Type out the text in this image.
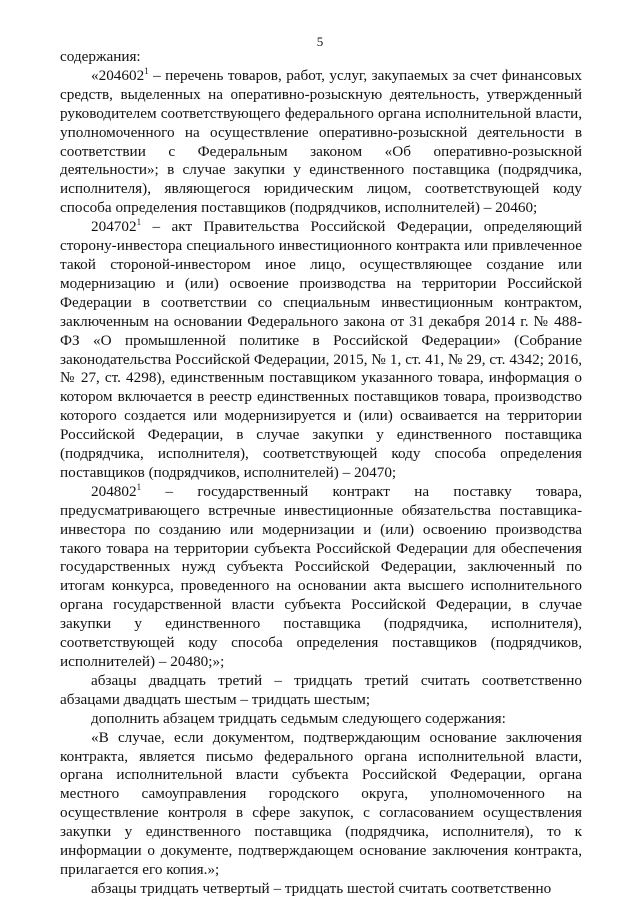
5

содержания:

«204602$^1$ – перечень товаров, работ, услуг, закупаемых за счет финансовых средств, выделенных на оперативно-розыскную деятельность, утвержденный руководителем соответствующего федерального органа исполнительной власти, уполномоченного на осуществление оперативно-розыскной деятельности в соответствии с Федеральным законом «Об оперативно-розыскной деятельности»; в случае закупки у единственного поставщика (подрядчика, исполнителя), являющегося юридическим лицом, соответствующей коду способа определения поставщиков (подрядчиков, исполнителей) – 20460;

204702$^1$ – акт Правительства Российской Федерации, определяющий сторону-инвестора специального инвестиционного контракта или привлеченное такой стороной-инвестором иное лицо, осуществляющее создание или модернизацию и (или) освоение производства на территории Российской Федерации в соответствии со специальным инвестиционным контрактом, заключенным на основании Федерального закона от 31 декабря 2014 г. № 488-ФЗ «О промышленной политике в Российской Федерации» (Собрание законодательства Российской Федерации, 2015, № 1, ст. 41, № 29, ст. 4342; 2016, № 27, ст. 4298), единственным поставщиком указанного товара, информация о котором включается в реестр единственных поставщиков товара, производство которого создается или модернизируется и (или) осваивается на территории Российской Федерации, в случае закупки у единственного поставщика (подрядчика, исполнителя), соответствующей коду способа определения поставщиков (подрядчиков, исполнителей) – 20470;

204802$^1$ – государственный контракт на поставку товара, предусматривающего встречные инвестиционные обязательства поставщика-инвестора по созданию или модернизации и (или) освоению производства такого товара на территории субъекта Российской Федерации для обеспечения государственных нужд субъекта Российской Федерации, заключенный по итогам конкурса, проведенного на основании акта высшего исполнительного органа государственной власти субъекта Российской Федерации, в случае закупки у единственного поставщика (подрядчика, исполнителя), соответствующей коду способа определения поставщиков (подрядчиков, исполнителей) – 20480;»;

абзацы двадцать третий – тридцать третий считать соответственно абзацами двадцать шестым – тридцать шестым;

дополнить абзацем тридцать седьмым следующего содержания:

«В случае, если документом, подтверждающим основание заключения контракта, является письмо федерального органа исполнительной власти, органа исполнительной власти субъекта Российской Федерации, органа местного самоуправления городского округа, уполномоченного на осуществление контроля в сфере закупок, с согласованием осуществления закупки у единственного поставщика (подрядчика, исполнителя), то к информации о документе, подтверждающем основание заключения контракта, прилагается его копия.»;

абзацы тридцать четвертый – тридцать шестой считать соответственно
